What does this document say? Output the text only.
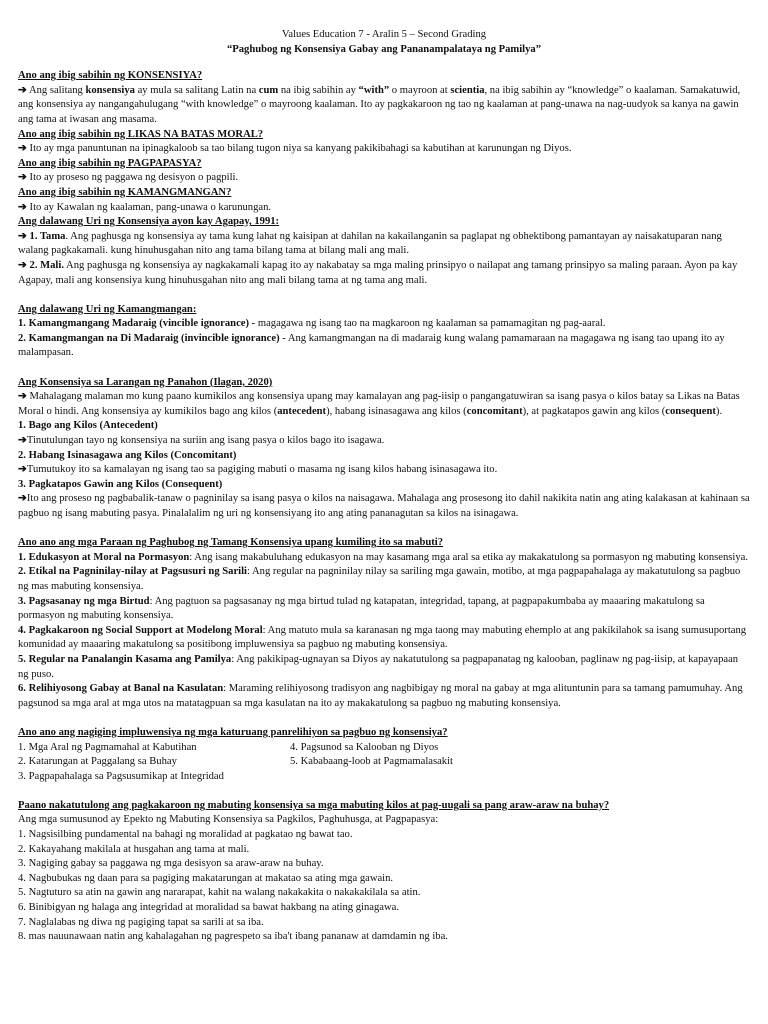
Values Education 7 - Aralin 5 – Second Grading
“Paghubog ng Konsensiya Gabay ang Pananampalataya ng Pamilya”

Ano ang ibig sabihin ng KONSENSIYA?

➔ Ang salitang konsensiya ay mula sa salitang Latin na cum na ibig sabihin ay “with” o mayroon at scientia, na ibig sabihin ay “knowledge” o kaalaman. Samakatuwid, ang konsensiya ay nangangahulugang “with knowledge” o mayroong kaalaman. Ito ay pagkakaroon ng tao ng kaalaman at pang-unawa na nag-uudyok sa kanya na gawin ang tama at iwasan ang masama.

Ano ang ibig sabihin ng LIKAS NA BATAS MORAL?

➔ Ito ay mga panuntunan na ipinagkaloob sa tao bilang tugon niya sa kanyang pakikibahagi sa kabutihan at karunungan ng Diyos.

Ano ang ibig sabihin ng PAGPAPASYA?

➔ Ito ay proseso ng paggawa ng desisyon o pagpili.

Ano ang ibig sabihin ng KAMANGMANGAN?

➔ Ito ay Kawalan ng kaalaman, pang-unawa o karunungan.

Ang dalawang Uri ng Konsensiya ayon kay Agapay, 1991:

➔ 1. Tama. Ang paghusga ng konsensiya ay tama kung lahat ng kaisipan at dahilan na kakailanganin sa paglapat ng obhektibong pamantayan ay naisakatuparan nang walang pagkakamali. kung hinuhusgahan nito ang tama bilang tama at bilang mali ang mali.

➔ 2. Mali. Ang paghusga ng konsensiya ay nagkakamali kapag ito ay nakabatay sa mga maling prinsipyo o nailapat ang tamang prinsipyo sa maling paraan. Ayon pa kay Agapay, mali ang konsensiya kung hinuhusgahan nito ang mali bilang tama at ng tama ang mali.

Ang dalawang Uri ng Kamangmangan:

1. Kamangmangang Madaraig (vincible ignorance) - magagawa ng isang tao na magkaroon ng kaalaman sa pamamagitan ng pag-aaral.

2. Kamangmangan na Di Madaraig (invincible ignorance) - Ang kamangmangan na di madaraig kung walang pamamaraan na magagawa ng isang tao upang ito ay malampasan.

Ang Konsensiya sa Larangan ng Panahon (Ilagan, 2020)

➔ Mahalagang malaman mo kung paano kumikilos ang konsensiya upang may kamalayan ang pag-iisip o pangangatuwiran sa isang pasya o kilos batay sa Likas na Batas Moral o hindi. Ang konsensiya ay kumikilos bago ang kilos (antecedent), habang isinasagawa ang kilos (concomitant), at pagkatapos gawin ang kilos (consequent).

1. Bago ang Kilos (Antecedent)

➔Tinutulungan tayo ng konsensiya na suriin ang isang pasya o kilos bago ito isagawa.

2. Habang Isinasagawa ang Kilos (Concomitant)

➔Tumutukoy ito sa kamalayan ng isang tao sa pagiging mabuti o masama ng isang kilos habang isinasagawa ito.

3. Pagkatapos Gawin ang Kilos (Consequent)

➔Ito ang proseso ng pagbabalik-tanaw o pagninilay sa isang pasya o kilos na naisagawa. Mahalaga ang prosesong ito dahil nakikita natin ang ating kalakasan at kahinaan sa pagbuo ng isang mabuting pasya. Pinalalalim ng uri ng konsensiyang ito ang ating pananagutan sa kilos na isinagawa.

Ano ano ang mga Paraan ng Paghubog ng Tamang Konsensiya upang kumiling ito sa mabuti?

1. Edukasyon at Moral na Pormasyon: Ang isang makabuluhang edukasyon na may kasamang mga aral sa etika ay makakatulong sa pormasyon ng mabuting konsensiya.

2. Etikal na Pagninilay-nilay at Pagsusuri ng Sarili: Ang regular na pagninilay nilay sa sariling mga gawain, motibo, at mga pagpapahalaga ay makatutulong sa pagbuo ng mas mabuting konsensiya.

3. Pagsasanay ng mga Birtud: Ang pagtuon sa pagsasanay ng mga birtud tulad ng katapatan, integridad, tapang, at pagpapakumbaba ay maaaring makatulong sa pormasyon ng mabuting konsensiya.

4. Pagkakaroon ng Social Support at Modelong Moral: Ang matuto mula sa karanasan ng mga taong may mabuting ehemplo at ang pakikilahok sa isang sumusuportang komunidad ay maaaring makatulong sa positibong impluwensiya sa pagbuo ng mabuting konsensiya.

5. Regular na Panalangin Kasama ang Pamilya: Ang pakikipag-ugnayan sa Diyos ay nakatutulong sa pagpapanatag ng kalooban, paglinaw ng pag-iisip, at kapayapaan ng puso.

6. Relihiyosong Gabay at Banal na Kasulatan: Maraming relihiyosong tradisyon ang nagbibigay ng moral na gabay at mga alituntunin para sa tamang pamumuhay. Ang pagsunod sa mga aral at mga utos na matatagpuan sa mga kasulatan na ito ay makakatulong sa pagbuo ng mabuting konsensiya.

Ano ano ang nagiging impluwensiya ng mga katuruang panrelihiyon sa pagbuo ng konsensiya?

1. Mga Aral ng Pagmamahal at Kabutihan

2. Katarungan at Paggalang sa Buhay

3. Pagpapahalaga sa Pagsusumikap at Integridad

4. Pagsunod sa Kalooban ng Diyos

5. Kababaang-loob at Pagmamalasakit

Paano nakatutulong ang pagkakaroon ng mabuting konsensiya sa mga mabuting kilos at pag-uugali sa pang araw-araw na buhay?

Ang mga sumusunod ay Epekto ng Mabuting Konsensiya sa Pagkilos, Paghuhusga, at Pagpapasya:

1. Nagsisilbing pundamental na bahagi ng moralidad at pagkatao ng bawat tao.

2. Kakayahang makilala at husgahan ang tama at mali.

3. Nagiging gabay sa paggawa ng mga desisyon sa araw-araw na buhay.

4. Nagbubukas ng daan para sa pagiging makatarungan at makatao sa ating mga gawain.

5. Nagtuturo sa atin na gawin ang nararapat, kahit na walang nakakakita o nakakakilala sa atin.

6. Binibigyan ng halaga ang integridad at moralidad sa bawat hakbang na ating ginagawa.

7. Naglalabas ng diwa ng pagiging tapat sa sarili at sa iba.

8. mas nauunawaan natin ang kahalagahan ng pagrespeto sa iba't ibang pananaw at damdamin ng iba.
